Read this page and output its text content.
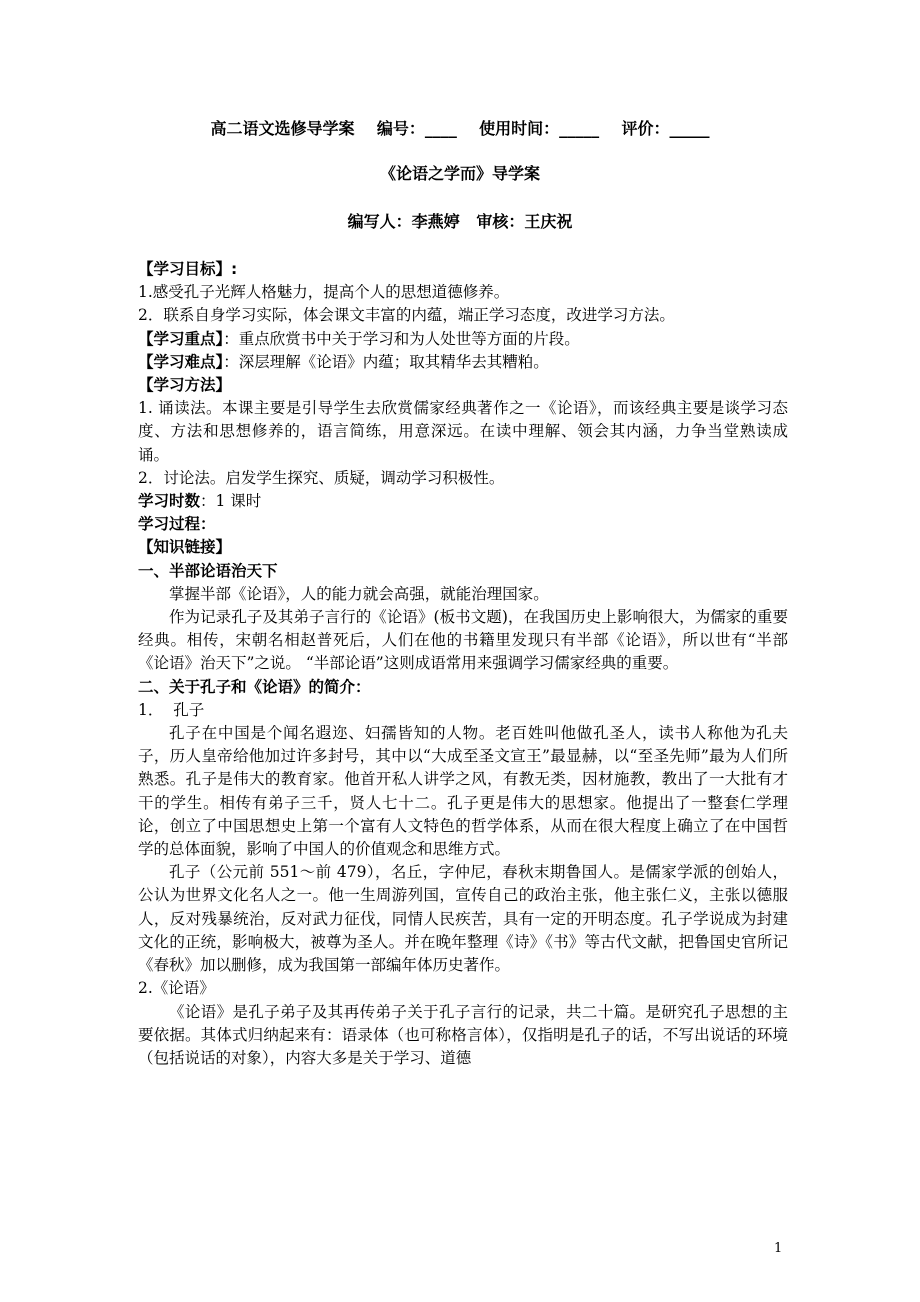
高二语文选修导学案 编号：____ 使用时间：_____ 评价：_____
《论语之学而》导学案
编写人：李燕婷 审核：王庆祝

【学习目标】:

1.感受孔子光辉人格魅力，提高个人的思想道德修养。

2．联系自身学习实际，体会课文丰富的内蕴，端正学习态度，改进学习方法。

【学习重点】：重点欣赏书中关于学习和为人处世等方面的片段。

【学习难点】：深层理解《论语》内蕴；取其精华去其糟粕。

【学习方法】

1. 诵读法。本课主要是引导学生去欣赏儒家经典著作之一《论语》，而该经典主要是谈学习态度、方法和思想修养的，语言简练，用意深远。在读中理解、领会其内涵，力争当堂熟读成诵。

2．讨论法。启发学生探究、质疑，调动学习积极性。

学习时数：1 课时

学习过程：

【知识链接】

一、半部论语治天下

掌握半部《论语》，人的能力就会高强，就能治理国家。

作为记录孔子及其弟子言行的《论语》(板书文题)，在我国历史上影响很大，为儒家的重要经典。相传，宋朝名相赵普死后，人们在他的书籍里发现只有半部《论语》，所以世有“半部《论语》治天下”之说。 “半部论语”这则成语常用来强调学习儒家经典的重要。

二、关于孔子和《论语》的简介：

1．  孔子

孔子在中国是个闻名遐迩、妇孺皆知的人物。老百姓叫他做孔圣人，读书人称他为孔夫子，历人皇帝给他加过许多封号，其中以“大成至圣文宣王”最显赫，以“至圣先师”最为人们所熟悉。孔子是伟大的教育家。他首开私人讲学之风，有教无类，因材施教，教出了一大批有才干的学生。相传有弟子三千，贤人七十二。孔子更是伟大的思想家。他提出了一整套仁学理论，创立了中国思想史上第一个富有人文特色的哲学体系，从而在很大程度上确立了在中国哲学的总体面貌，影响了中国人的价值观念和思维方式。

孔子（公元前 551～前 479），名丘，字仲尼，春秋末期鲁国人。是儒家学派的创始人，公认为世界文化名人之一。他一生周游列国，宣传自己的政治主张，他主张仁义，主张以德服人，反对残暴统治，反对武力征伐，同情人民疾苦，具有一定的开明态度。孔子学说成为封建文化的正统，影响极大，被尊为圣人。并在晚年整理《诗》《书》等古代文献，把鲁国史官所记《春秋》加以删修，成为我国第一部编年体历史著作。

2.《论语》

《论语》是孔子弟子及其再传弟子关于孔子言行的记录，共二十篇。是研究孔子思想的主要依据。其体式归纳起来有：语录体（也可称格言体），仅指明是孔子的话，不写出说话的环境（包括说话的对象），内容大多是关于学习、道德

1
